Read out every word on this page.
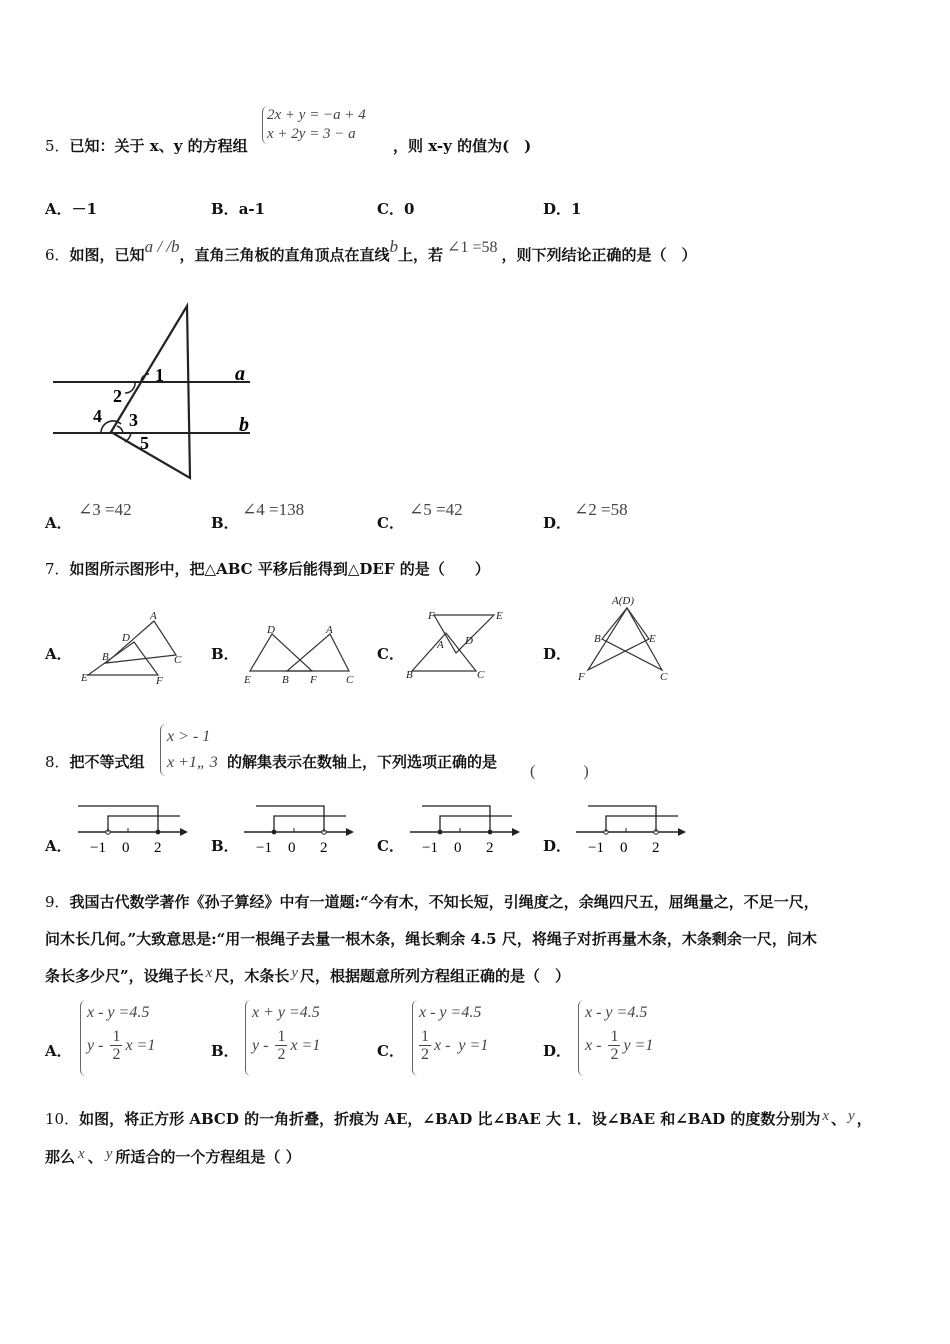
5．已知：关于 x、y 的方程组
2x + y = −a + 4
x + 2y = 3 − a
，则 x-y 的值为(　)
A．－1	B．a-1	C．0	D．1
6．如图，已知a / /b，直角三角板的直角顶点在直线b上，若 ∠1 =58 ，则下列结论正确的是（　）
1
2
4 3
5
a
b
A．
∠3 =42
B．
∠4 =138
C．
∠5 =42
D．
∠2 =58
7．如图所示图形中，把△ABC 平移后能得到△DEF 的是（　　）
A．
A
D
B	C
E	F
B．
D	A
E	B F	C
C．
F	E
D
A
B	C
D．
A(D)
B	E
F	C
8．把不等式组
x > - 1
x +1„ 3 的解集表示在数轴上，下列选项正确的是
(　　　)
A． −1 0 2	B． −1 0 2	C． −1 0 2	D． −1 0 2
9．我国古代数学著作《孙子算经》中有一道题:“今有木，不知长短，引绳度之，余绳四尺五，屈绳量之，不足一尺，
问木长几何。”大致意思是:“用一根绳子去量一根木条，绳长剩余 4.5 尺，将绳子对折再量木条，木条剩余一尺，问木
条长多少尺”，设绳子长 x 尺，木条长 y 尺，根据题意所列方程组正确的是（　）
A．
x - y =4.5
y - 1
2
x =1	B．
x + y =4.5
y - 1
2
x =1	C．
x - y =4.5
1
2
x -  y =1	D．
x - y =4.5
x - 1
2
y =1
10．如图，将正方形 ABCD 的一角折叠，折痕为 AE，∠BAD 比∠BAE 大 1．设∠BAE 和∠BAD 的度数分别为 x 、 y ，
那么 x 、 y 所适合的一个方程组是（ ）
